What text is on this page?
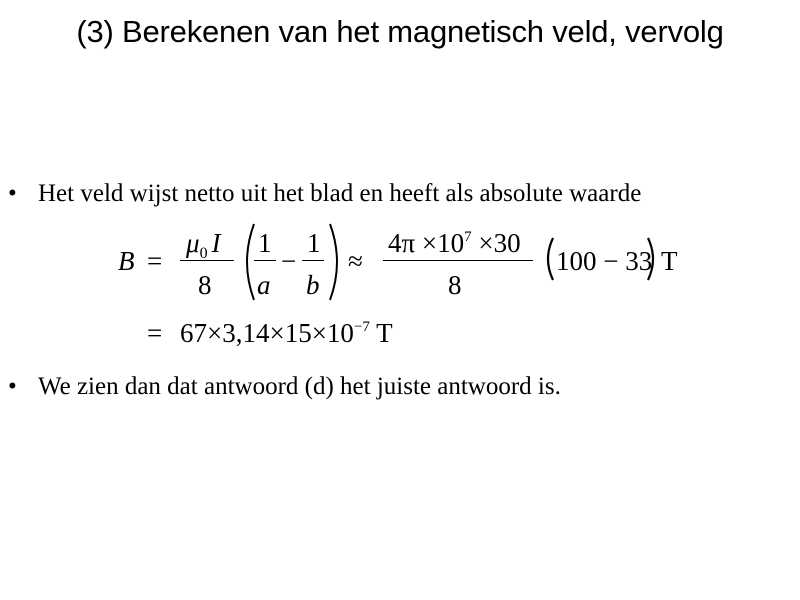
(3) Berekenen van het magnetisch veld, vervolg
• Het veld wijst netto uit het blad en heeft als absolute waarde
B =
$\mu_0$ I
8
1
a
−
1
b
≈
$4\pi \times 10^7 \times 30$
8
100 − 33 T
= $67\times 3,14\times 15\times 10^{-7}$ T
• We zien dan dat antwoord (d) het juiste antwoord is.
